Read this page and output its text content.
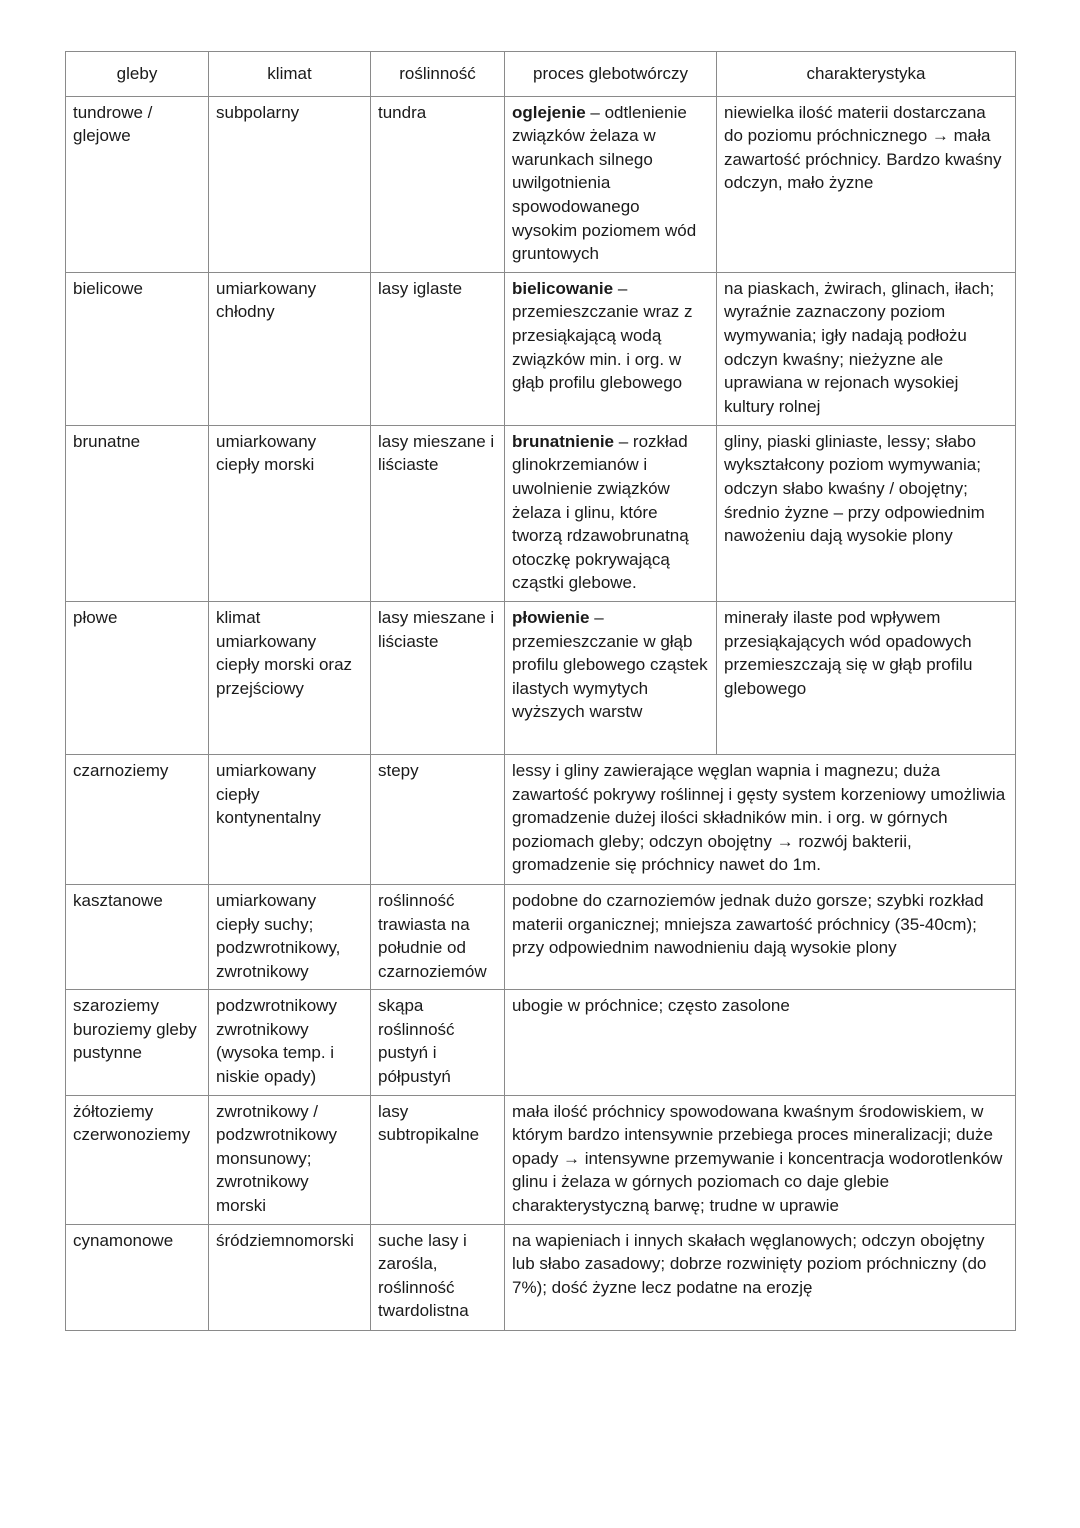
gleby	klimat	roślinność	proces glebotwórczy	charakterystyka
tundrowe / glejowe	subpolarny	tundra	oglejenie – odtlenienie związków żelaza w warunkach silnego uwilgotnienia spowodowanego wysokim poziomem wód gruntowych	niewielka ilość materii dostarczana do poziomu próchnicznego → mała zawartość próchnicy. Bardzo kwaśny odczyn, mało żyzne
bielicowe	umiarkowany chłodny	lasy iglaste	bielicowanie – przemieszczanie wraz z przesiąkającą wodą związków min. i org. w głąb profilu glebowego	na piaskach, żwirach, glinach, iłach; wyraźnie zaznaczony poziom wymywania; igły nadają podłożu odczyn kwaśny; nieżyzne ale uprawiana w rejonach wysokiej kultury rolnej
brunatne	umiarkowany ciepły morski	lasy mieszane i liściaste	brunatnienie – rozkład glinokrzemianów i uwolnienie związków żelaza i glinu, które tworzą rdzawobrunatną otoczkę pokrywającą cząstki glebowe.	gliny, piaski gliniaste, lessy; słabo wykształcony poziom wymywania; odczyn słabo kwaśny / obojętny; średnio żyzne – przy odpowiednim nawożeniu dają wysokie plony
płowe	klimat umiarkowany ciepły morski oraz przejściowy	lasy mieszane i liściaste	płowienie – przemieszczanie w głąb profilu glebowego cząstek ilastych wymytych wyższych warstw	minerały ilaste pod wpływem przesiąkających wód opadowych przemieszczają się w głąb profilu glebowego
czarnoziemy	umiarkowany ciepły kontynentalny	stepy	lessy i gliny zawierające węglan wapnia i magnezu; duża zawartość pokrywy roślinnej i gęsty system korzeniowy umożliwia gromadzenie dużej ilości składników min. i org. w górnych poziomach gleby; odczyn obojętny → rozwój bakterii, gromadzenie się próchnicy nawet do 1m.	
kasztanowe	umiarkowany ciepły suchy; podzwrotnikowy, zwrotnikowy	roślinność trawiasta na południe od czarnoziemów	podobne do czarnoziemów jednak dużo gorsze; szybki rozkład materii organicznej; mniejsza zawartość próchnicy (35-40cm); przy odpowiednim nawodnieniu dają wysokie plony	
szaroziemy buroziemy gleby pustynne	podzwrotnikowy zwrotnikowy (wysoka temp. i niskie opady)	skąpa roślinność pustyń i półpustyń	ubogie w próchnice; często zasolone	
żółtoziemy czerwonoziemy	zwrotnikowy / podzwrotnikowy monsunowy; zwrotnikowy morski	lasy subtropikalne	mała ilość próchnicy spowodowana kwaśnym środowiskiem, w którym bardzo intensywnie przebiega proces mineralizacji; duże opady → intensywne przemywanie i koncentracja wodorotlenków glinu i żelaza w górnych poziomach co daje glebie charakterystyczną barwę; trudne w uprawie	
cynamonowe	śródziemnomorski	suche lasy i zarośla, roślinność twardolistna	na wapieniach i innych skałach węglanowych; odczyn obojętny lub słabo zasadowy; dobrze rozwinięty poziom próchniczny (do 7%); dość żyzne lecz podatne na erozję	
